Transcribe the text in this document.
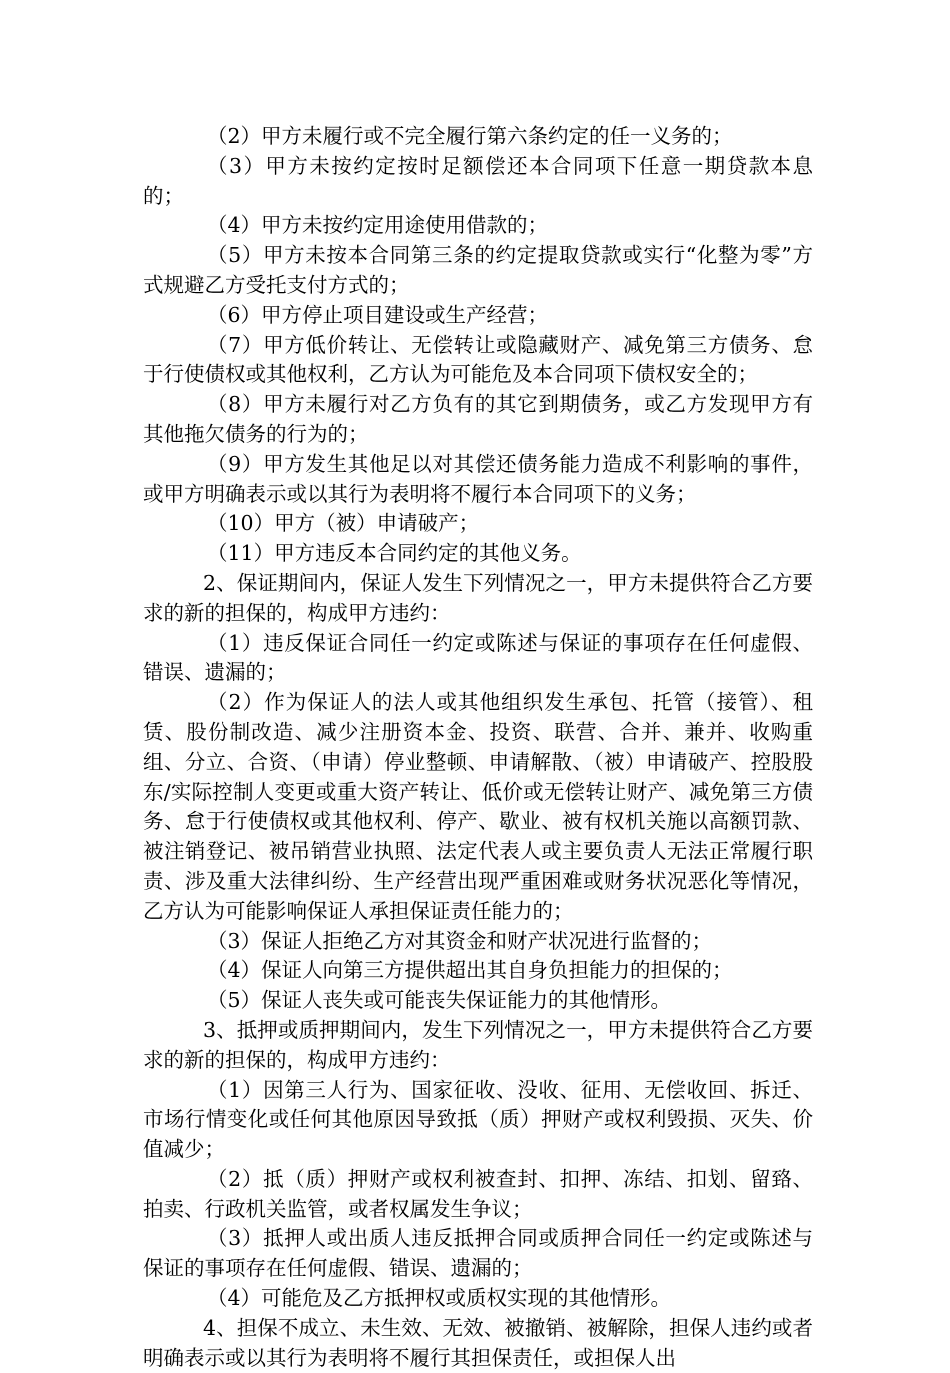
（2）甲方未履行或不完全履行第六条约定的任一义务的；

（3）甲方未按约定按时足额偿还本合同项下任意一期贷款本息的；

（4）甲方未按约定用途使用借款的；

（5）甲方未按本合同第三条的约定提取贷款或实行“化整为零”方式规避乙方受托支付方式的；

（6）甲方停止项目建设或生产经营；

（7）甲方低价转让、无偿转让或隐藏财产、减免第三方债务、怠于行使债权或其他权利，乙方认为可能危及本合同项下债权安全的；

（8）甲方未履行对乙方负有的其它到期债务，或乙方发现甲方有其他拖欠债务的行为的；

（9）甲方发生其他足以对其偿还债务能力造成不利影响的事件，或甲方明确表示或以其行为表明将不履行本合同项下的义务；

（10）甲方（被）申请破产；

（11）甲方违反本合同约定的其他义务。

2、保证期间内，保证人发生下列情况之一，甲方未提供符合乙方要求的新的担保的，构成甲方违约：

（1）违反保证合同任一约定或陈述与保证的事项存在任何虚假、错误、遗漏的；

（2）作为保证人的法人或其他组织发生承包、托管（接管）、租赁、股份制改造、减少注册资本金、投资、联营、合并、兼并、收购重组、分立、合资、（申请）停业整顿、申请解散、（被）申请破产、控股股东/实际控制人变更或重大资产转让、低价或无偿转让财产、减免第三方债务、怠于行使债权或其他权利、停产、歇业、被有权机关施以高额罚款、被注销登记、被吊销营业执照、法定代表人或主要负责人无法正常履行职责、涉及重大法律纠纷、生产经营出现严重困难或财务状况恶化等情况，乙方认为可能影响保证人承担保证责任能力的；

（3）保证人拒绝乙方对其资金和财产状况进行监督的；

（4）保证人向第三方提供超出其自身负担能力的担保的；

（5）保证人丧失或可能丧失保证能力的其他情形。

3、抵押或质押期间内，发生下列情况之一，甲方未提供符合乙方要求的新的担保的，构成甲方违约：

（1）因第三人行为、国家征收、没收、征用、无偿收回、拆迁、市场行情变化或任何其他原因导致抵（质）押财产或权利毁损、灭失、价值减少；

（2）抵（质）押财产或权利被查封、扣押、冻结、扣划、留臵、拍卖、行政机关监管，或者权属发生争议；

（3）抵押人或出质人违反抵押合同或质押合同任一约定或陈述与保证的事项存在任何虚假、错误、遗漏的；

（4）可能危及乙方抵押权或质权实现的其他情形。

4、担保不成立、未生效、无效、被撤销、被解除，担保人违约或者明确表示或以其行为表明将不履行其担保责任，或担保人出
